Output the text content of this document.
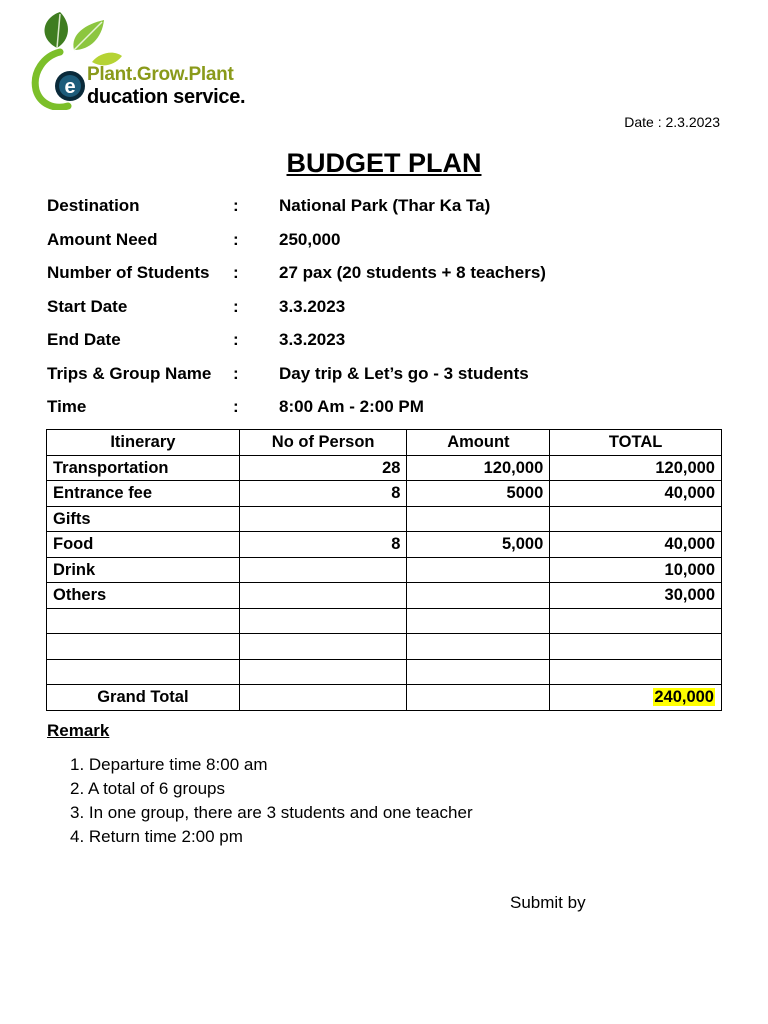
e
Plant.Grow.Plant
ducation service.
Date : 2.3.2023
BUDGET PLAN
Destination	: National Park (Thar Ka Ta)
Amount Need	: 250,000
Number of Students : 27 pax (20 students + 8 teachers)
Start Date	: 3.3.2023
End Date	: 3.3.2023
Trips & Group Name : Day trip & Let’s go - 3 students
Time	: 8:00 Am - 2:00 PM
Itinerary	No of Person	Amount	TOTAL
Transportation	28	120,000	120,000
Entrance fee	8	5000	40,000
Gifts			
Food	8	5,000	40,000
Drink			10,000
Others			30,000

Grand Total			240,000
Remark
1. Departure time 8:00 am
2. A total of 6 groups
3. In one group, there are 3 students and one teacher
4. Return time 2:00 pm
Submit by
